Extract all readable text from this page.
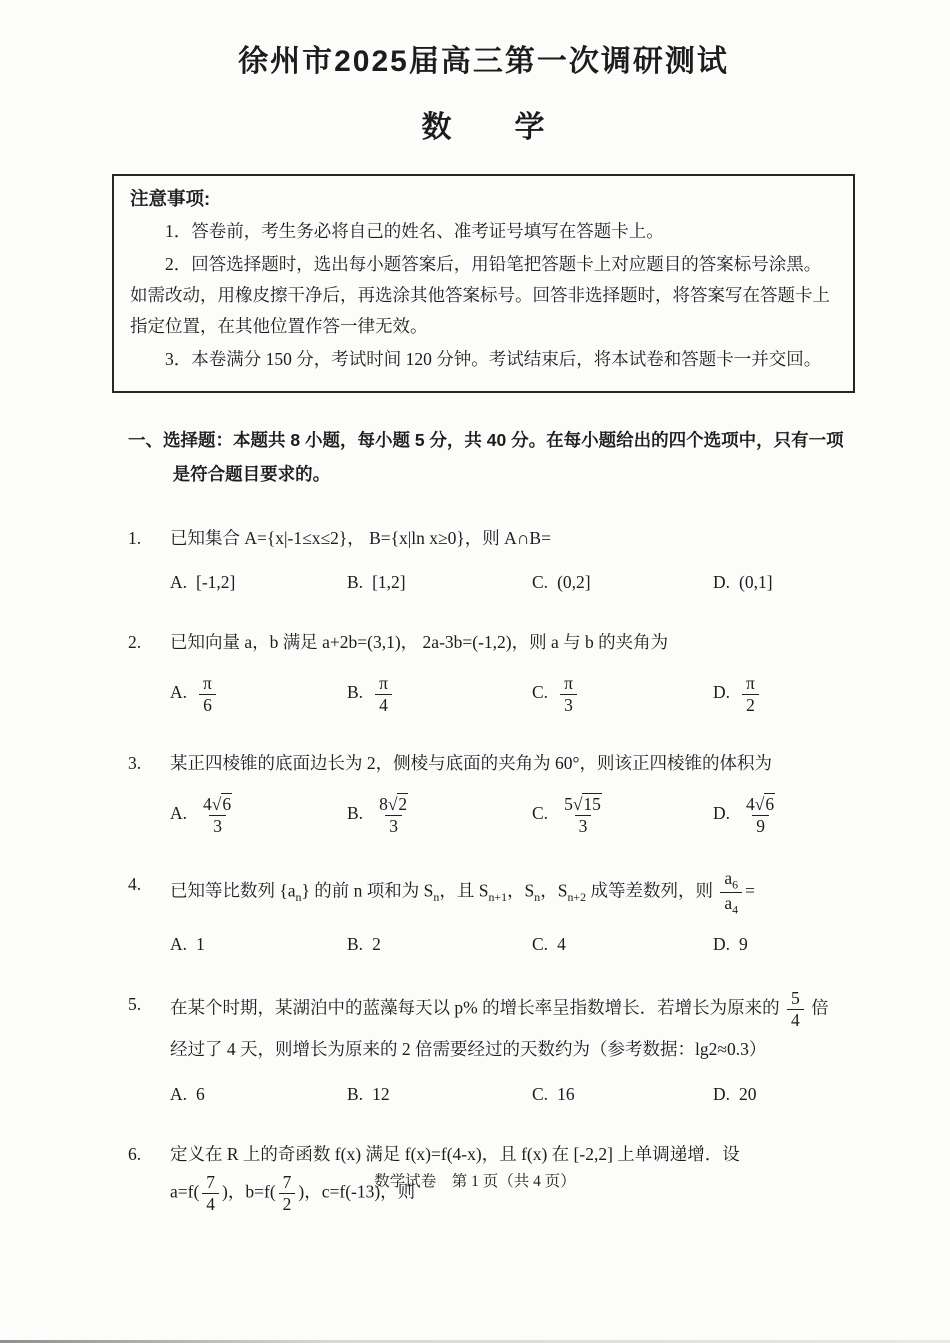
徐州市2025届高三第一次调研测试
数　　学
注意事项:

1．答卷前，考生务必将自己的姓名、准考证号填写在答题卡上。

2．回答选择题时，选出每小题答案后，用铅笔把答题卡上对应题目的答案标号涂黑。如需改动，用橡皮擦干净后，再选涂其他答案标号。回答非选择题时，将答案写在答题卡上指定位置，在其他位置作答一律无效。

3．本卷满分 150 分，考试时间 120 分钟。考试结束后，将本试卷和答题卡一并交回。

一、选择题：本题共 8 小题，每小题 5 分，共 40 分。在每小题给出的四个选项中，只有一项是符合题目要求的。
1.	已知集合 A={x|-1≤x≤2}， B={x|ln x≥0}，则 A∩B=
A. [-1,2]	B. [1,2]	C. (0,2]	D. (0,1]
2.	已知向量 a，b 满足 a+2b=(3,1)， 2a-3b=(-1,2)，则 a 与 b 的夹角为
A. $\frac{\pi}{6}$	B. $\frac{\pi}{4}$	C. $\frac{\pi}{3}$	D. $\frac{\pi}{2}$
3.	某正四棱锥的底面边长为 2，侧棱与底面的夹角为 60°，则该正四棱锥的体积为
A. $\frac{4√6}{3}$	B. $\frac{8√2}{3}$	C. $\frac{5√15}{3}$	D. $\frac{4√6}{9}$
4.	已知等比数列 $\{a_n\}$ 的前 n 项和为 $S_n$，且 $S_{n+1}$，$S_n$，$S_{n+2}$ 成等差数列，则 $\frac{a_6}{a_4}$ =
A. 1	B. 2	C. 4	D. 9
5.	在某个时期，某湖泊中的蓝藻每天以 p% 的增长率呈指数增长．若增长为原来的 $\frac{5}{4}$ 倍
经过了 4 天，则增长为原来的 2 倍需要经过的天数约为（参考数据：lg2≈0.3）
A. 6	B. 12	C. 16	D. 20
6.	定义在 R 上的奇函数 f(x) 满足 f(x)=f(4-x)，且 f(x) 在 [-2,2] 上单调递增．设
$a=f( \frac{7}{4}$ )，$b=f( \frac{7}{2}$ )，c=f(-13)，则
数学试卷　第 1 页（共 4 页）
